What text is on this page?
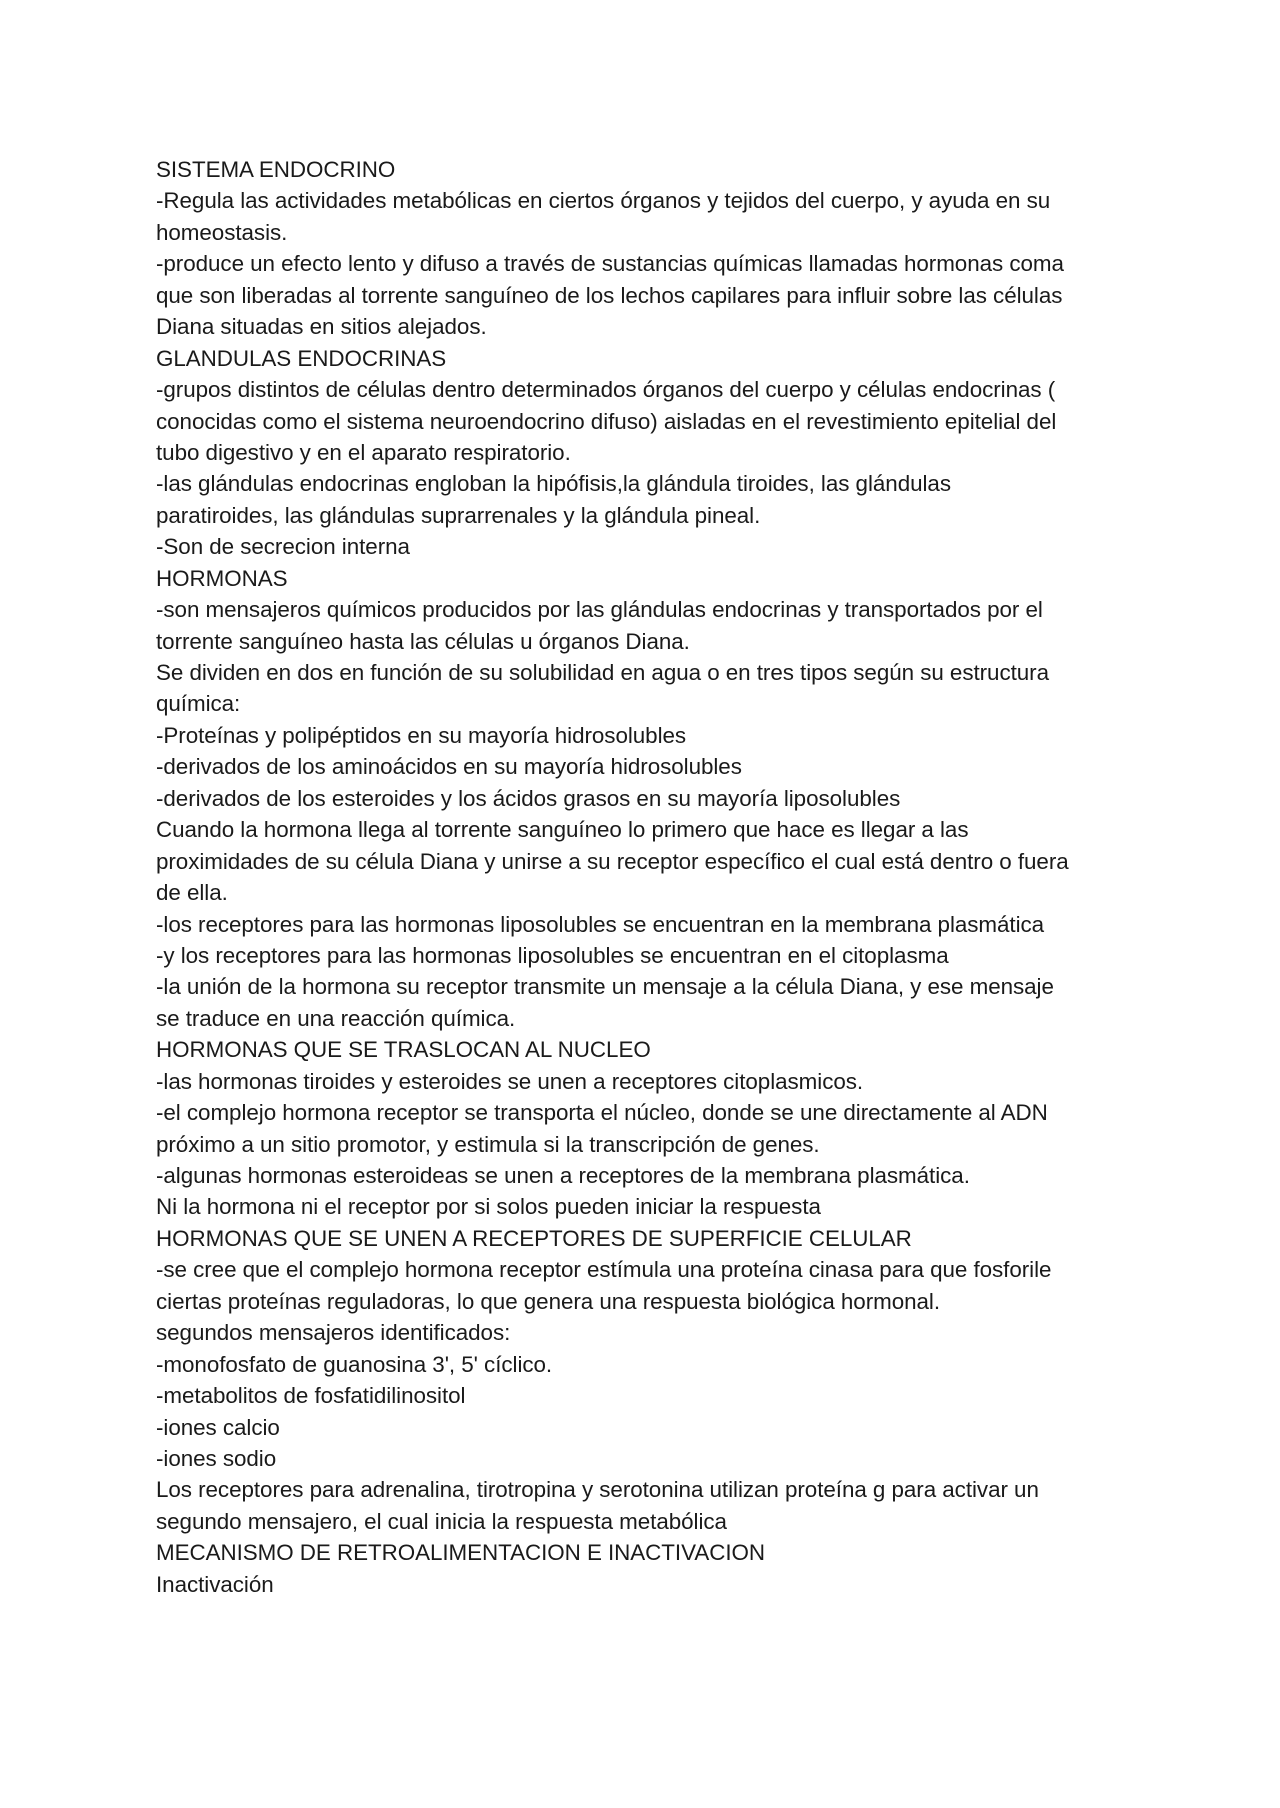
SISTEMA ENDOCRINO
-Regula las actividades metabólicas en ciertos órganos y tejidos del cuerpo, y ayuda en su
homeostasis.
-produce un efecto lento y difuso a través de sustancias químicas llamadas hormonas coma
que son liberadas al torrente sanguíneo de los lechos capilares para influir sobre las células
Diana situadas en sitios alejados.
GLANDULAS ENDOCRINAS
-grupos distintos de células dentro determinados órganos del cuerpo y células endocrinas (
conocidas como el sistema neuroendocrino difuso) aisladas en el revestimiento epitelial del
tubo digestivo y en el aparato respiratorio.
-las glándulas endocrinas engloban la hipófisis,la glándula tiroides, las glándulas
paratiroides, las glándulas suprarrenales y la glándula pineal.
-Son de secrecion interna
HORMONAS
-son mensajeros químicos producidos por las glándulas endocrinas y transportados por el
torrente sanguíneo hasta las células u órganos Diana.
Se dividen en dos en función de su solubilidad en agua o en tres tipos según su estructura
química:
-Proteínas y polipéptidos en su mayoría hidrosolubles
-derivados de los aminoácidos en su mayoría hidrosolubles
-derivados de los esteroides y los ácidos grasos en su mayoría liposolubles
Cuando la hormona llega al torrente sanguíneo lo primero que hace es llegar a las
proximidades de su célula Diana y unirse a su receptor específico el cual está dentro o fuera
de ella.
-los receptores para las hormonas liposolubles se encuentran en la membrana plasmática
-y los receptores para las hormonas liposolubles se encuentran en el citoplasma
-la unión de la hormona su receptor transmite un mensaje a la célula Diana, y ese mensaje
se traduce en una reacción química.
HORMONAS QUE SE TRASLOCAN AL NUCLEO
-las hormonas tiroides y esteroides se unen a receptores citoplasmicos.
-el complejo hormona receptor se transporta el núcleo, donde se une directamente al ADN
próximo a un sitio promotor, y estimula si la transcripción de genes.
-algunas hormonas esteroideas se unen a receptores de la membrana plasmática.
Ni la hormona ni el receptor por si solos pueden iniciar la respuesta
HORMONAS QUE SE UNEN A RECEPTORES DE SUPERFICIE CELULAR
-se cree que el complejo hormona receptor estímula una proteína cinasa para que fosforile
ciertas proteínas reguladoras, lo que genera una respuesta biológica hormonal.
segundos mensajeros identificados:
-monofosfato de guanosina 3', 5' cíclico.
-metabolitos de fosfatidilinositol
-iones calcio
-iones sodio
Los receptores para adrenalina, tirotropina y serotonina utilizan proteína g para activar un
segundo mensajero, el cual inicia la respuesta metabólica
MECANISMO DE RETROALIMENTACION E INACTIVACION
Inactivación
